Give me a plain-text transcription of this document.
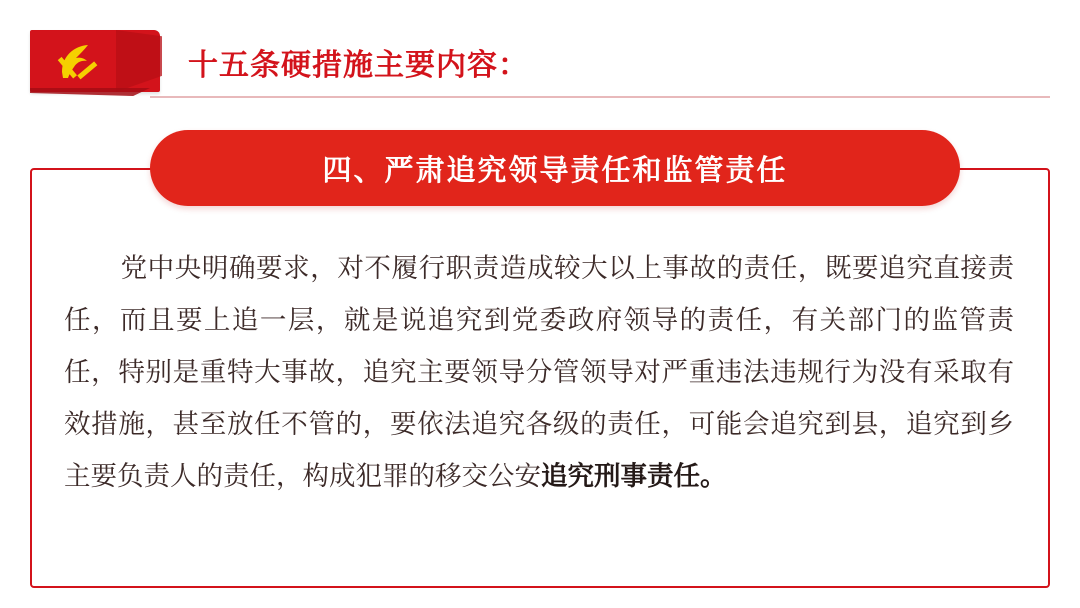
十五条硬措施主要内容：
四、严肃追究领导责任和监管责任
党中央明确要求，对不履行职责造成较大以上事故的责任，既要追究直接责任，而且要上追一层，就是说追究到党委政府领导的责任，有关部门的监管责任，特别是重特大事故，追究主要领导分管领导对严重违法违规行为没有采取有效措施，甚至放任不管的，要依法追究各级的责任，可能会追究到县，追究到乡主要负责人的责任，构成犯罪的移交公安追究刑事责任。
